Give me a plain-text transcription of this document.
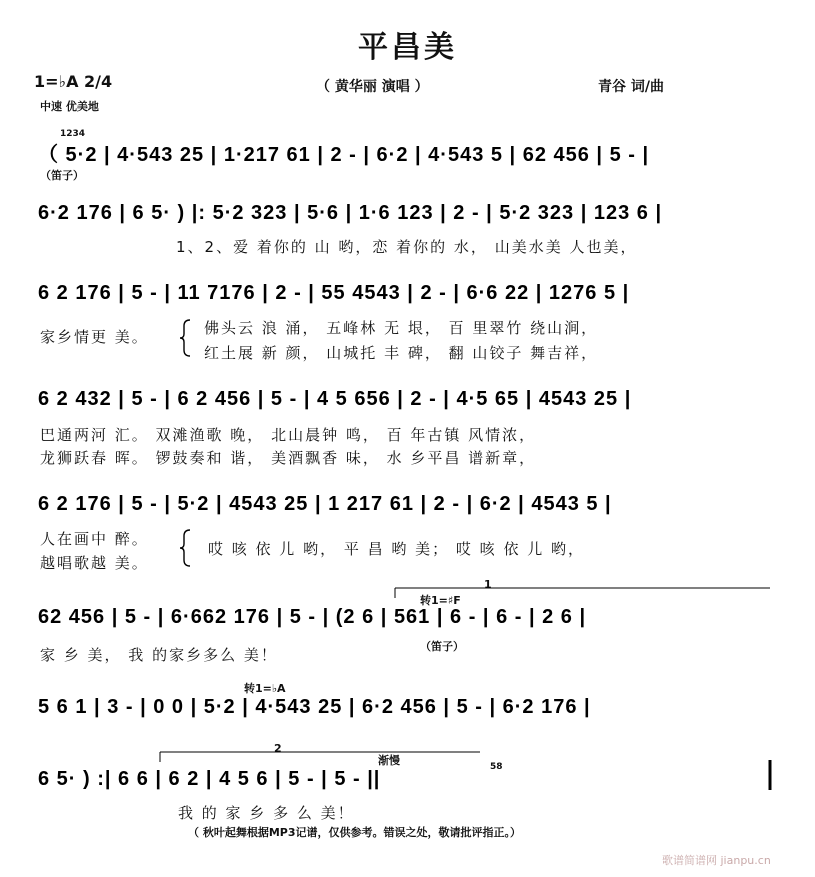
平昌美
1=♭A 2/4
中速 优美地
（ 黄华丽 演唱 ）	青谷 词/曲
1234
（笛子）
（ 5·2 | 4·543 25 | 1·217 61 | 2 - | 6·2 | 4·543 5 | 62 456 | 5 - |
6·2 176 | 6 5· ) |: 5·2 323 | 5·6 | 1·6 123 | 2 - | 5·2 323 | 123 6 |
1、2、爱 着你的 山 哟，恋 着你的 水， 山美水美 人也美，
6 2 176 | 5 - | 11 7176 | 2 - | 55 4543 | 2 - | 6·6 22 | 1276 5 |
家乡情更 美。	佛头云 浪 涌， 五峰林 无 垠， 百 里翠竹 绕山涧，
红土展 新 颜， 山城托 丰 碑， 翻 山铰子 舞吉祥，
6 2 432 | 5 - | 6 2 456 | 5 - | 4 5 656 | 2 - | 4·5 65 | 4543 25 |
巴通两河 汇。 双滩渔歌 晚， 北山晨钟 鸣， 百 年古镇 风情浓，
龙狮跃春 晖。 锣鼓奏和 谐， 美酒飘香 味， 水 乡平昌 谱新章，
6 2 176 | 5 - | 5·2 | 4543 25 | 1 217 61 | 2 - | 6·2 | 4543 5 |
人在画中 醉。
越唱歌越 美。
哎 咳 依 儿 哟， 平 昌 哟 美； 哎 咳 依 儿 哟，
转1=♯F
1
62 456 | 5 - | 6·662 176 | 5 - | (2 6 | 561 | 6 - | 6 - | 2 6 |
（笛子）
家 乡 美， 我 的家乡多么 美！
转1=♭A
5 6 1 | 3 - | 0 0 | 5·2 | 4·543 25 | 6·2 456 | 5 - | 6·2 176 |
2
渐慢	58
6 5· ) :| 6 6 | 6 2 | 4 5 6 | 5 - | 5 - ||
我 的 家 乡 多 么 美！
（ 秋叶起舞根据MP3记谱，仅供参考。错误之处，敬请批评指正。）
歌谱简谱网 jianpu.cn
